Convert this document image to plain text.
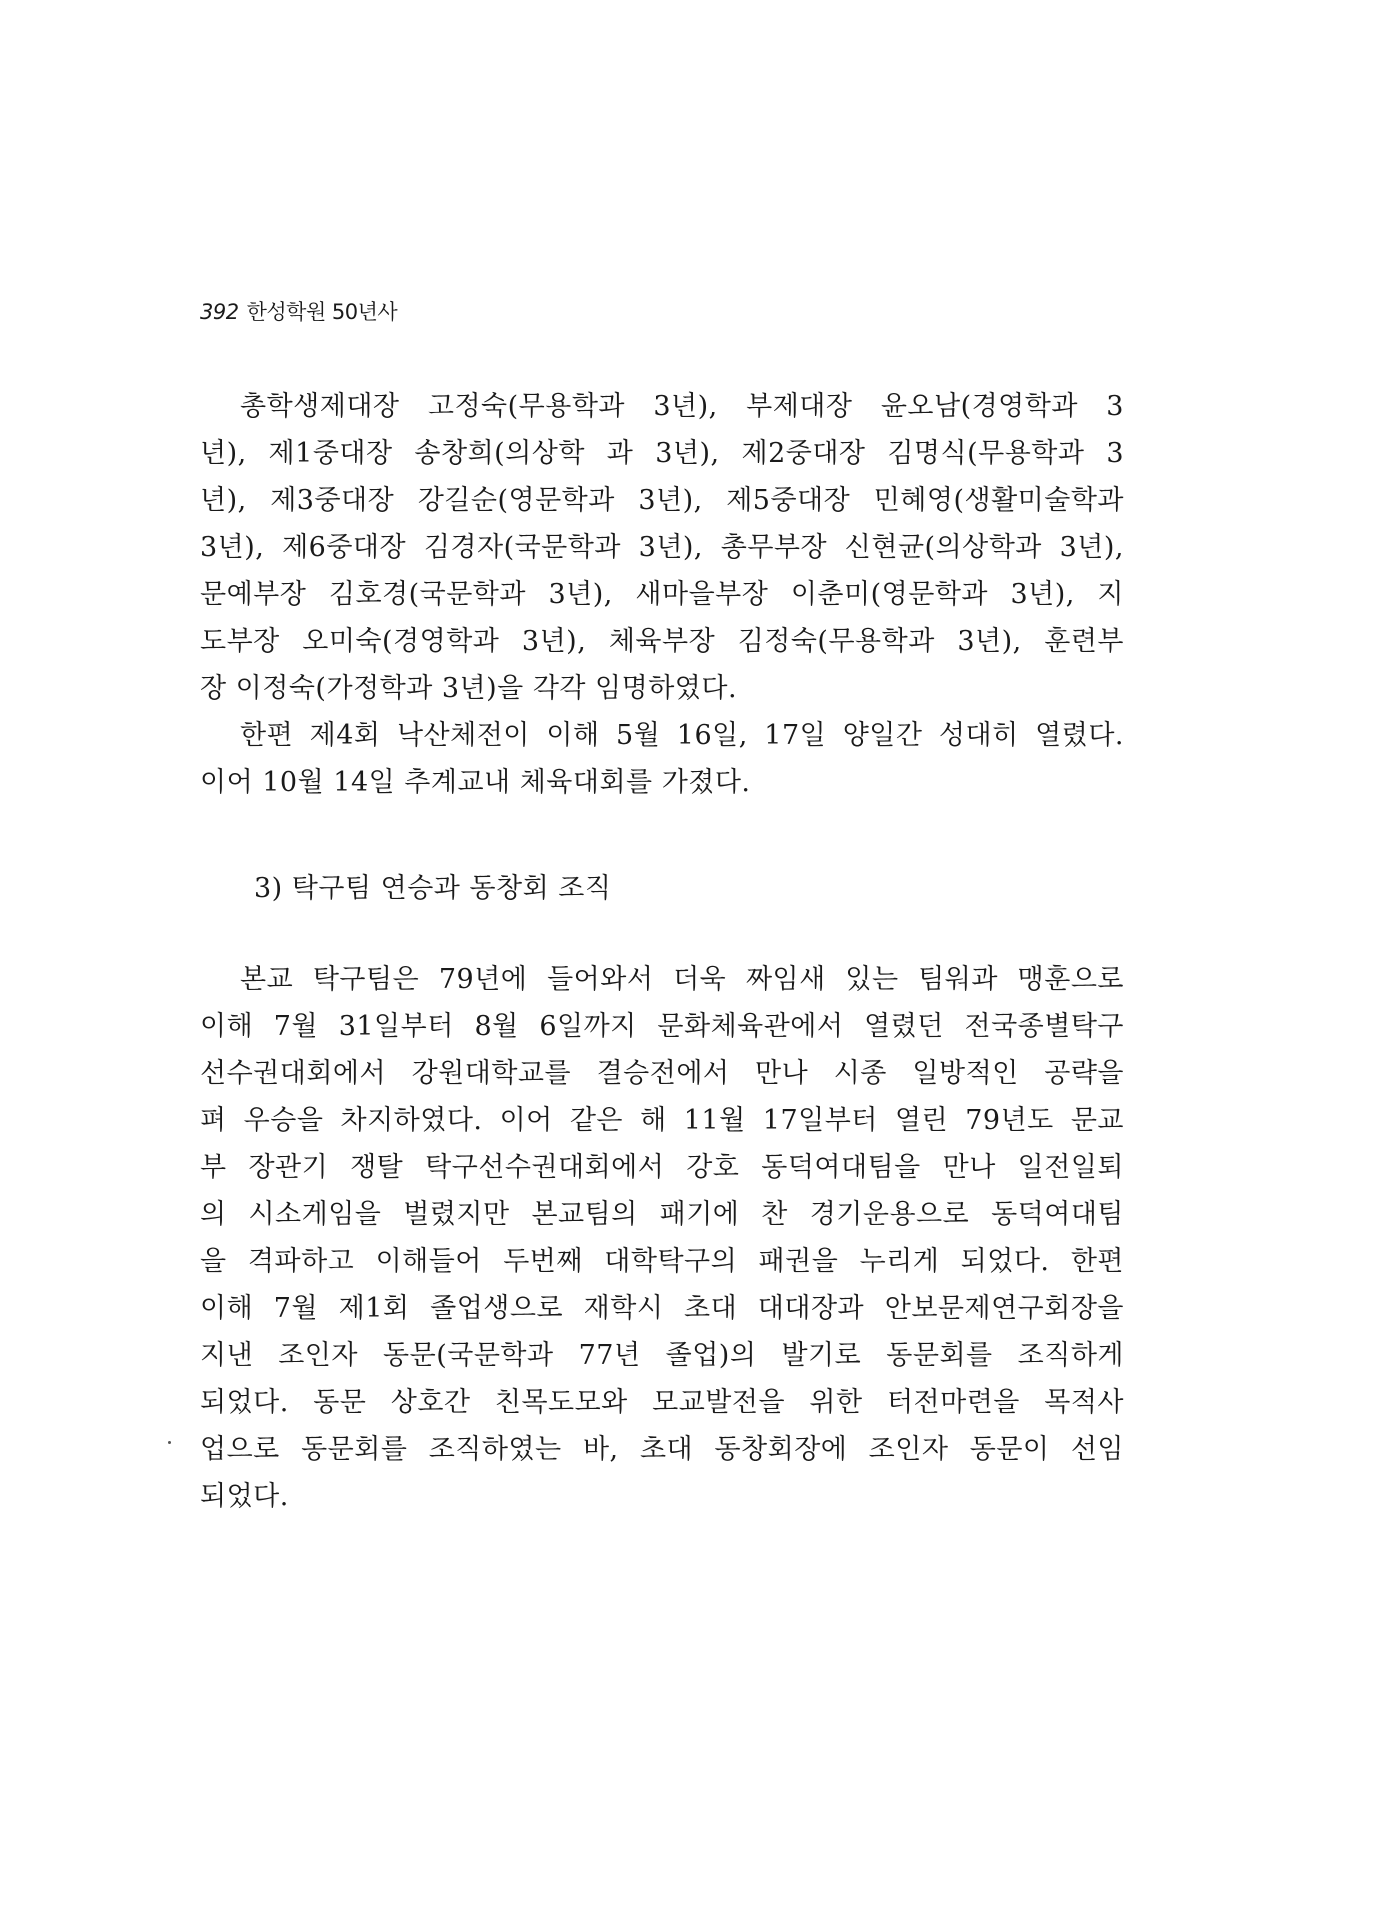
392 한성학원 50년사
총학생제대장 고정숙(무용학과 3년), 부제대장 윤오남(경영학과 3
년), 제1중대장 송창희(의상학 과 3년), 제2중대장 김명식(무용학과 3
년), 제3중대장 강길순(영문학과 3년), 제5중대장 민혜영(생활미술학과
3년), 제6중대장 김경자(국문학과 3년), 총무부장 신현균(의상학과 3년),
문예부장 김호경(국문학과 3년), 새마을부장 이춘미(영문학과 3년), 지
도부장 오미숙(경영학과 3년), 체육부장 김정숙(무용학과 3년), 훈련부
장 이정숙(가정학과 3년)을 각각 임명하였다.
한편 제4회 낙산체전이 이해 5월 16일, 17일 양일간 성대히 열렸다.
이어 10월 14일 추계교내 체육대회를 가졌다.
3) 탁구팀 연승과 동창회 조직
본교 탁구팀은 79년에 들어와서 더욱 짜임새 있는 팀워과 맹훈으로
이해 7월 31일부터 8월 6일까지 문화체육관에서 열렸던 전국종별탁구
선수권대회에서 강원대학교를 결승전에서 만나 시종 일방적인 공략을
펴 우승을 차지하였다. 이어 같은 해 11월 17일부터 열린 79년도 문교
부 장관기 쟁탈 탁구선수권대회에서 강호 동덕여대팀을 만나 일전일퇴
의 시소게임을 벌렸지만 본교팀의 패기에 찬 경기운용으로 동덕여대팀
을 격파하고 이해들어 두번째 대학탁구의 패권을 누리게 되었다. 한편
이해 7월 제1회 졸업생으로 재학시 초대 대대장과 안보문제연구회장을
지낸 조인자 동문(국문학과 77년 졸업)의 발기로 동문회를 조직하게
되었다. 동문 상호간 친목도모와 모교발전을 위한 터전마련을 목적사
업으로 동문회를 조직하였는 바, 초대 동창회장에 조인자 동문이 선임
되었다.
